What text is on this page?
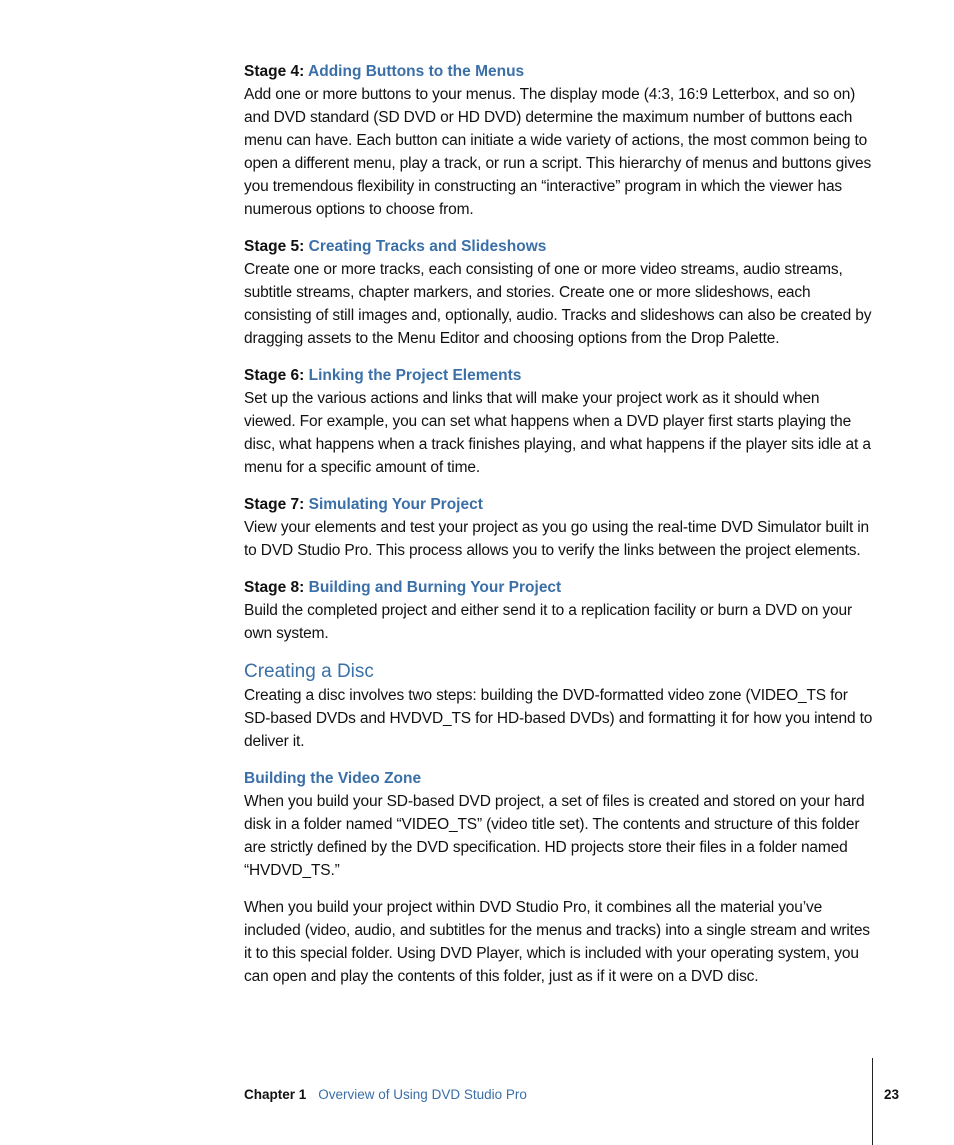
Stage 4: Adding Buttons to the Menus

Add one or more buttons to your menus. The display mode (4:3, 16:9 Letterbox, and so on) and DVD standard (SD DVD or HD DVD) determine the maximum number of buttons each menu can have. Each button can initiate a wide variety of actions, the most common being to open a different menu, play a track, or run a script. This hierarchy of menus and buttons gives you tremendous flexibility in constructing an “interactive” program in which the viewer has numerous options to choose from.

Stage 5: Creating Tracks and Slideshows

Create one or more tracks, each consisting of one or more video streams, audio streams, subtitle streams, chapter markers, and stories. Create one or more slideshows, each consisting of still images and, optionally, audio. Tracks and slideshows can also be created by dragging assets to the Menu Editor and choosing options from the Drop Palette.

Stage 6: Linking the Project Elements

Set up the various actions and links that will make your project work as it should when viewed. For example, you can set what happens when a DVD player first starts playing the disc, what happens when a track finishes playing, and what happens if the player sits idle at a menu for a specific amount of time.

Stage 7: Simulating Your Project

View your elements and test your project as you go using the real-time DVD Simulator built in to DVD Studio Pro. This process allows you to verify the links between the project elements.

Stage 8: Building and Burning Your Project

Build the completed project and either send it to a replication facility or burn a DVD on your own system.

Creating a Disc

Creating a disc involves two steps: building the DVD-formatted video zone (VIDEO_TS for SD-based DVDs and HVDVD_TS for HD-based DVDs) and formatting it for how you intend to deliver it.

Building the Video Zone

When you build your SD-based DVD project, a set of files is created and stored on your hard disk in a folder named “VIDEO_TS” (video title set). The contents and structure of this folder are strictly defined by the DVD specification. HD projects store their files in a folder named “HVDVD_TS.”

When you build your project within DVD Studio Pro, it combines all the material you’ve included (video, audio, and subtitles for the menus and tracks) into a single stream and writes it to this special folder. Using DVD Player, which is included with your operating system, you can open and play the contents of this folder, just as if it were on a DVD disc.

Chapter 1 Overview of Using DVD Studio Pro	23
